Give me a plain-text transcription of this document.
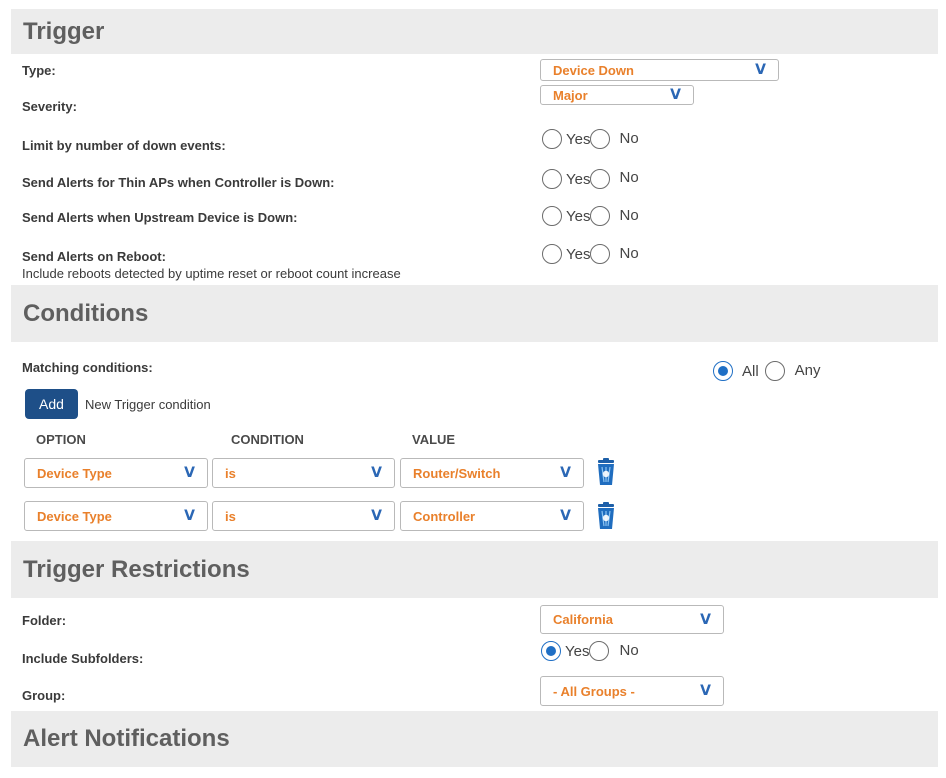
Trigger
Type:	Device Down	V
Severity:
Major	V
Limit by number of down events:	Yes No
Send Alerts for Thin APs when Controller is Down:	Yes No
Send Alerts when Upstream Device is Down:	Yes No
Send Alerts on Reboot:
Include reboots detected by uptime reset or reboot count increase
Yes No
Conditions
Matching conditions:	All Any
Add	New Trigger condition
OPTION	CONDITION	VALUE
Device Type	V is	V Router/Switch	V
Device Type	V is	V Controller	V
Trigger Restrictions
Folder:	California	V
Include Subfolders:	Yes No
Group:	- All Groups -	V
Alert Notifications
